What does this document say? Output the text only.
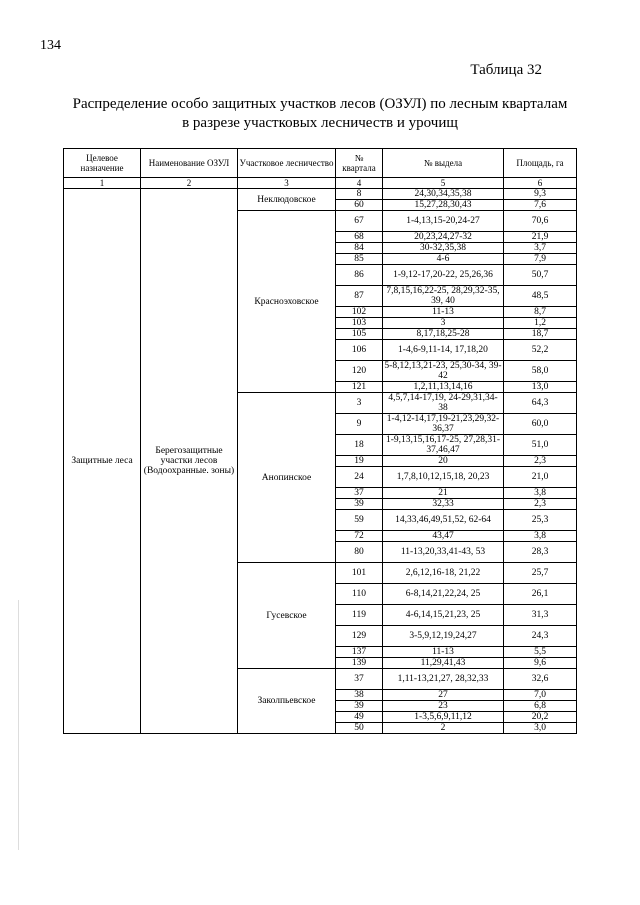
134
Таблица 32
Распределение особо защитных участков лесов (ОЗУЛ) по лесным кварталам
в разрезе участковых лесничеств и урочищ
Целевое назначение	Наименование ОЗУЛ	Участковое лесничество	№ квартала	№ выдела	Площадь, га
1	2	3	4	5	6
Защитные леса	Берегозащитные участки лесов (Водоохранные. зоны)	Неклюдовское	8	24,30,34,35,38	9,3
			60	15,27,28,30,43	7,6
		Красноэховское	67	1-4,13,15-20,24-27	70,6
			68	20,23,24,27-32	21,9
			84	30-32,35,38	3,7
			85	4-6	7,9
			86	1-9,12-17,20-22, 25,26,36	50,7
			87	7,8,15,16,22-25, 28,29,32-35, 39, 40	48,5
			102	11-13	8,7
			103	3	1,2
			105	8,17,18,25-28	18,7
			106	1-4,6-9,11-14, 17,18,20	52,2
			120	5-8,12,13,21-23, 25,30-34, 39-42	58,0
			121	1,2,11,13,14,16	13,0
		Анопинское	3	4,5,7,14-17,19, 24-29,31,34-38	64,3
			9	1-4,12-14,17,19-21,23,29,32-36,37	60,0
			18	1-9,13,15,16,17-25, 27,28,31-37,46,47	51,0
			19	20	2,3
			24	1,7,8,10,12,15,18, 20,23	21,0
			37	21	3,8
			39	32,33	2,3
			59	14,33,46,49,51,52, 62-64	25,3
			72	43,47	3,8
			80	11-13,20,33,41-43, 53	28,3
		Гусевское	101	2,6,12,16-18, 21,22	25,7
			110	6-8,14,21,22,24, 25	26,1
			119	4-6,14,15,21,23, 25	31,3
			129	3-5,9,12,19,24,27	24,3
			137	11-13	5,5
			139	11,29,41,43	9,6
		Заколпьевское	37	1,11-13,21,27, 28,32,33	32,6
			38	27	7,0
			39	23	6,8
			49	1-3,5,6,9,11,12	20,2
			50	2	3,0
